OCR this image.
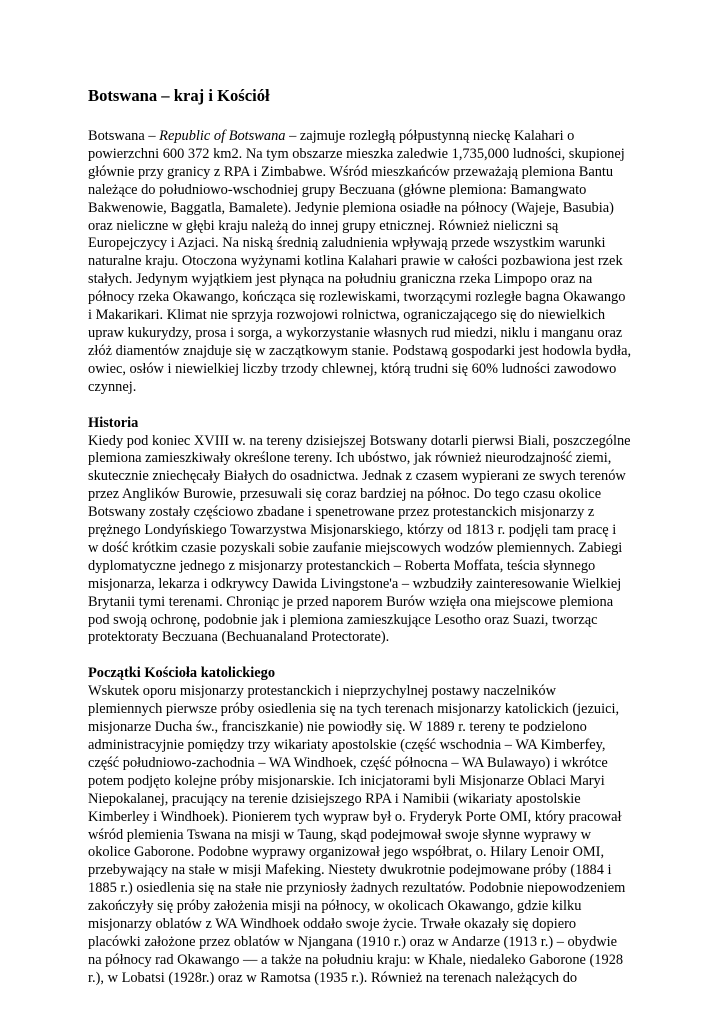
Botswana – kraj i Kościół

Botswana – Republic of Botswana – zajmuje rozległą półpustynną nieckę Kalahari o
powierzchni 600 372 km2. Na tym obszarze mieszka zaledwie 1,735,000 ludności, skupionej
głównie przy granicy z RPA i Zimbabwe. Wśród mieszkańców przeważają plemiona Bantu
należące do południowo-wschodniej grupy Beczuana (główne plemiona: Bamangwato
Bakwenowie, Baggatla, Bamalete). Jedynie plemiona osiadłe na północy (Wajeje, Basubia)
oraz nieliczne w głębi kraju należą do innej grupy etnicznej. Również nieliczni są
Europejczycy i Azjaci. Na niską średnią zaludnienia wpływają przede wszystkim warunki
naturalne kraju. Otoczona wyżynami kotlina Kalahari prawie w całości pozbawiona jest rzek
stałych. Jedynym wyjątkiem jest płynąca na południu graniczna rzeka Limpopo oraz na
północy rzeka Okawango, kończąca się rozlewiskami, tworzącymi rozległe bagna Okawango
i Makarikari. Klimat nie sprzyja rozwojowi rolnictwa, ograniczającego się do niewielkich
upraw kukurydzy, prosa i sorga, a wykorzystanie własnych rud miedzi, niklu i manganu oraz
złóż diamentów znajduje się w zaczątkowym stanie. Podstawą gospodarki jest hodowla bydła,
owiec, osłów i niewielkiej liczby trzody chlewnej, którą trudni się 60% ludności zawodowo
czynnej.

Historia

Kiedy pod koniec XVIII w. na tereny dzisiejszej Botswany dotarli pierwsi Biali, poszczególne
plemiona zamieszkiwały określone tereny. Ich ubóstwo, jak również nieurodzajność ziemi,
skutecznie zniechęcały Białych do osadnictwa. Jednak z czasem wypierani ze swych terenów
przez Anglików Burowie, przesuwali się coraz bardziej na północ. Do tego czasu okolice
Botswany zostały częściowo zbadane i spenetrowane przez protestanckich misjonarzy z
prężnego Londyńskiego Towarzystwa Misjonarskiego, którzy od 1813 r. podjęli tam pracę i
w dość krótkim czasie pozyskali sobie zaufanie miejscowych wodzów plemiennych. Zabiegi
dyplomatyczne jednego z misjonarzy protestanckich – Roberta Moffata, teścia słynnego
misjonarza, lekarza i odkrywcy Dawida Livingstone'a – wzbudziły zainteresowanie Wielkiej
Brytanii tymi terenami. Chroniąc je przed naporem Burów wzięła ona miejscowe plemiona
pod swoją ochronę, podobnie jak i plemiona zamieszkujące Lesotho oraz Suazi, tworząc
protektoraty Beczuana (Bechuanaland Protectorate).

Początki Kościoła katolickiego

Wskutek oporu misjonarzy protestanckich i nieprzychylnej postawy naczelników
plemiennych pierwsze próby osiedlenia się na tych terenach misjonarzy katolickich (jezuici,
misjonarze Ducha św., franciszkanie) nie powiodły się. W 1889 r. tereny te podzielono
administracyjnie pomiędzy trzy wikariaty apostolskie (część wschodnia – WA Kimberfey,
część południowo-zachodnia – WA Windhoek, część północna – WA Bulawayo) i wkrótce
potem podjęto kolejne próby misjonarskie. Ich inicjatorami byli Misjonarze Oblaci Maryi
Niepokalanej, pracujący na terenie dzisiejszego RPA i Namibii (wikariaty apostolskie
Kimberley i Windhoek). Pionierem tych wypraw był o. Fryderyk Porte OMI, który pracował
wśród plemienia Tswana na misji w Taung, skąd podejmował swoje słynne wyprawy w
okolice Gaborone. Podobne wyprawy organizował jego współbrat, o. Hilary Lenoir OMI,
przebywający na stałe w misji Mafeking. Niestety dwukrotnie podejmowane próby (1884 i
1885 r.) osiedlenia się na stałe nie przyniosły żadnych rezultatów. Podobnie niepowodzeniem
zakończyły się próby założenia misji na północy, w okolicach Okawango, gdzie kilku
misjonarzy oblatów z WA Windhoek oddało swoje życie. Trwałe okazały się dopiero
placówki założone przez oblatów w Njangana (1910 r.) oraz w Andarze (1913 r.) – obydwie
na północy rad Okawango — a także na południu kraju: w Khale, niedaleko Gaborone (1928
r.), w Lobatsi (1928r.) oraz w Ramotsa (1935 r.). Również na terenach należących do
